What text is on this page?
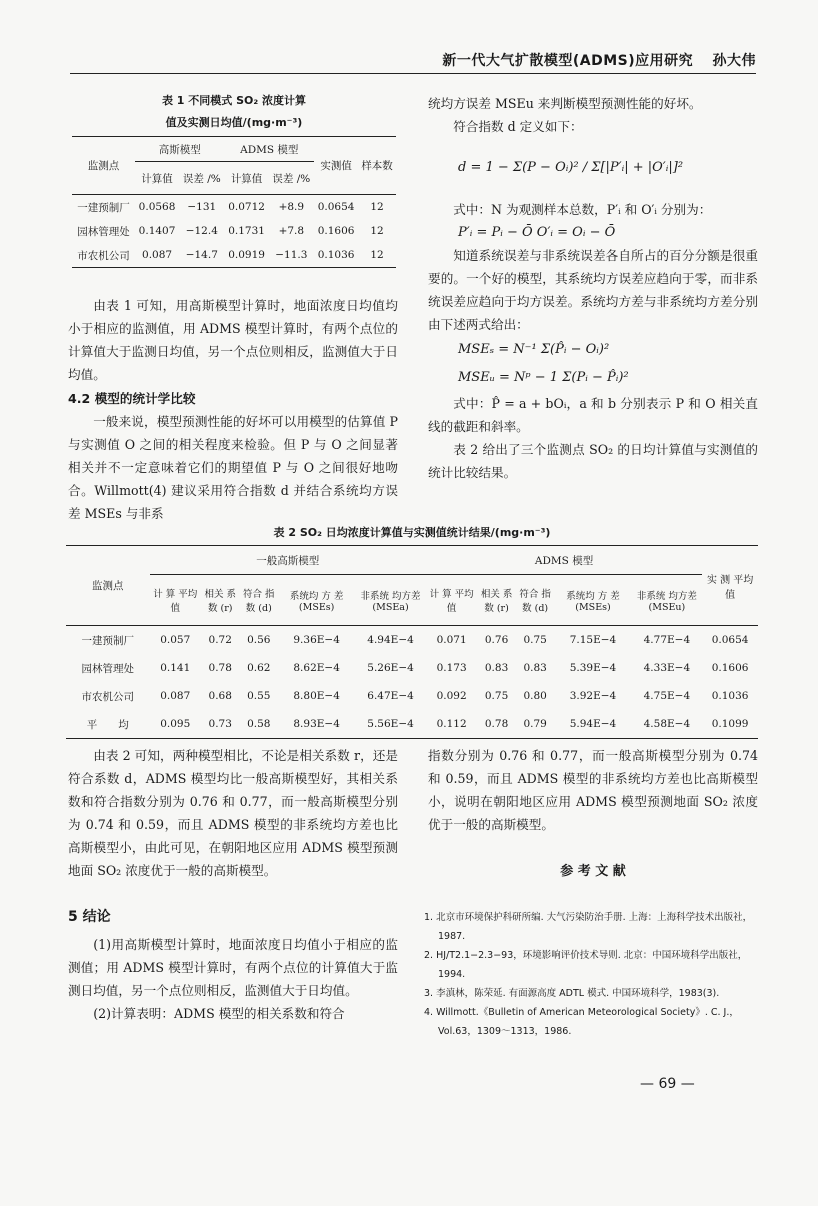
新一代大气扩散模型(ADMS)应用研究 孙大伟
表 1 不同模式 SO₂ 浓度计算
值及实测日均值/(mg·m⁻³)
监测点	高斯模型		ADMS 模型		实测值	样本数
	计算值	误差 /%	计算值	误差 /%		
一建预制厂	0.0568	−131	0.0712	+8.9	0.0654	12
园林管理处	0.1407	−12.4	0.1731	+7.8	0.1606	12
市农机公司	0.087	−14.7	0.0919	−11.3	0.1036	12

由表 1 可知，用高斯模型计算时，地面浓度日均值均小于相应的监测值，用 ADMS 模型计算时，有两个点位的计算值大于监测日均值，另一个点位则相反，监测值大于日均值。

4.2 模型的统计学比较

一般来说，模型预测性能的好坏可以用模型的估算值 P 与实测值 O 之间的相关程度来检验。但 P 与 O 之间显著相关并不一定意味着它们的期望值 P 与 O 之间很好地吻合。Willmott(4) 建议采用符合指数 d 并结合系统均方误差 MSEs 与非系

统均方误差 MSEu 来判断模型预测性能的好坏。

符合指数 d 定义如下：

d = 1 − Σ(P − Oᵢ)² / Σ[|P′ᵢ| + |O′ᵢ|]²

式中：N 为观测样本总数，P′ᵢ 和 O′ᵢ 分别为：

P′ᵢ = Pᵢ − Ō O′ᵢ = Oᵢ − Ō

知道系统误差与非系统误差各自所占的百分分额是很重要的。一个好的模型，其系统均方误差应趋向于零，而非系统误差应趋向于均方误差。系统均方差与非系统均方差分别由下述两式给出：

MSEₛ = N⁻¹ Σ(P̂ᵢ − Oᵢ)²
MSEᵤ = Nᵖ − 1 Σ(Pᵢ − P̂ᵢ)²

式中：P̂ = a + bOᵢ，a 和 b 分别表示 P 和 O 相关直线的截距和斜率。

表 2 给出了三个监测点 SO₂ 的日均计算值与实测值的统计比较结果。

表 2 SO₂ 日均浓度计算值与实测值统计结果/(mg·m⁻³)
监测点	一般高斯模型					ADMS 模型					实 测 平均值
	计 算 平均值	相关 系数 (r)	符合 指数 (d)	系统均 方 差 (MSEs)	非系统 均方差 (MSEa)	计 算 平均值	相关 系数 (r)	符合 指数 (d)	系统均 方 差 (MSEs)	非系统 均方差 (MSEu)	
一建预制厂	0.057	0.72	0.56	9.36E−4	4.94E−4	0.071	0.76	0.75	7.15E−4	4.77E−4	0.0654
园林管理处	0.141	0.78	0.62	8.62E−4	5.26E−4	0.173	0.83	0.83	5.39E−4	4.33E−4	0.1606
市农机公司	0.087	0.68	0.55	8.80E−4	6.47E−4	0.092	0.75	0.80	3.92E−4	4.75E−4	0.1036
平　　均	0.095	0.73	0.58	8.93E−4	5.56E−4	0.112	0.78	0.79	5.94E−4	4.58E−4	0.1099

由表 2 可知，两种模型相比，不论是相关系数 r，还是符合系数 d，ADMS 模型均比一般高斯模型好，其相关系数和符合指数分别为 0.76 和 0.77，而一般高斯模型分别为 0.74 和 0.59，而且 ADMS 模型的非系统均方差也比高斯模型小，由此可见，在朝阳地区应用 ADMS 模型预测地面 SO₂ 浓度优于一般的高斯模型。

5 结论

(1)用高斯模型计算时，地面浓度日均值小于相应的监测值；用 ADMS 模型计算时，有两个点位的计算值大于监测日均值，另一个点位则相反，监测值大于日均值。

(2)计算表明：ADMS 模型的相关系数和符合

指数分别为 0.76 和 0.77，而一般高斯模型分别为 0.74 和 0.59，而且 ADMS 模型的非系统均方差也比高斯模型小，说明在朝阳地区应用 ADMS 模型预测地面 SO₂ 浓度优于一般的高斯模型。

参 考 文 献

1. 北京市环境保护科研所编. 大气污染防治手册. 上海：上海科学技术出版社，1987.

2. HJ/T2.1−2.3−93，环境影响评价技术导则. 北京：中国环境科学出版社，1994.

3. 李滇林，陈荣延. 有面源高度 ADTL 模式. 中国环境科学，1983(3).

4. Willmott.《Bulletin of American Meteorological Society》. C. J.，Vol.63，1309～1313，1986.

— 69 —
